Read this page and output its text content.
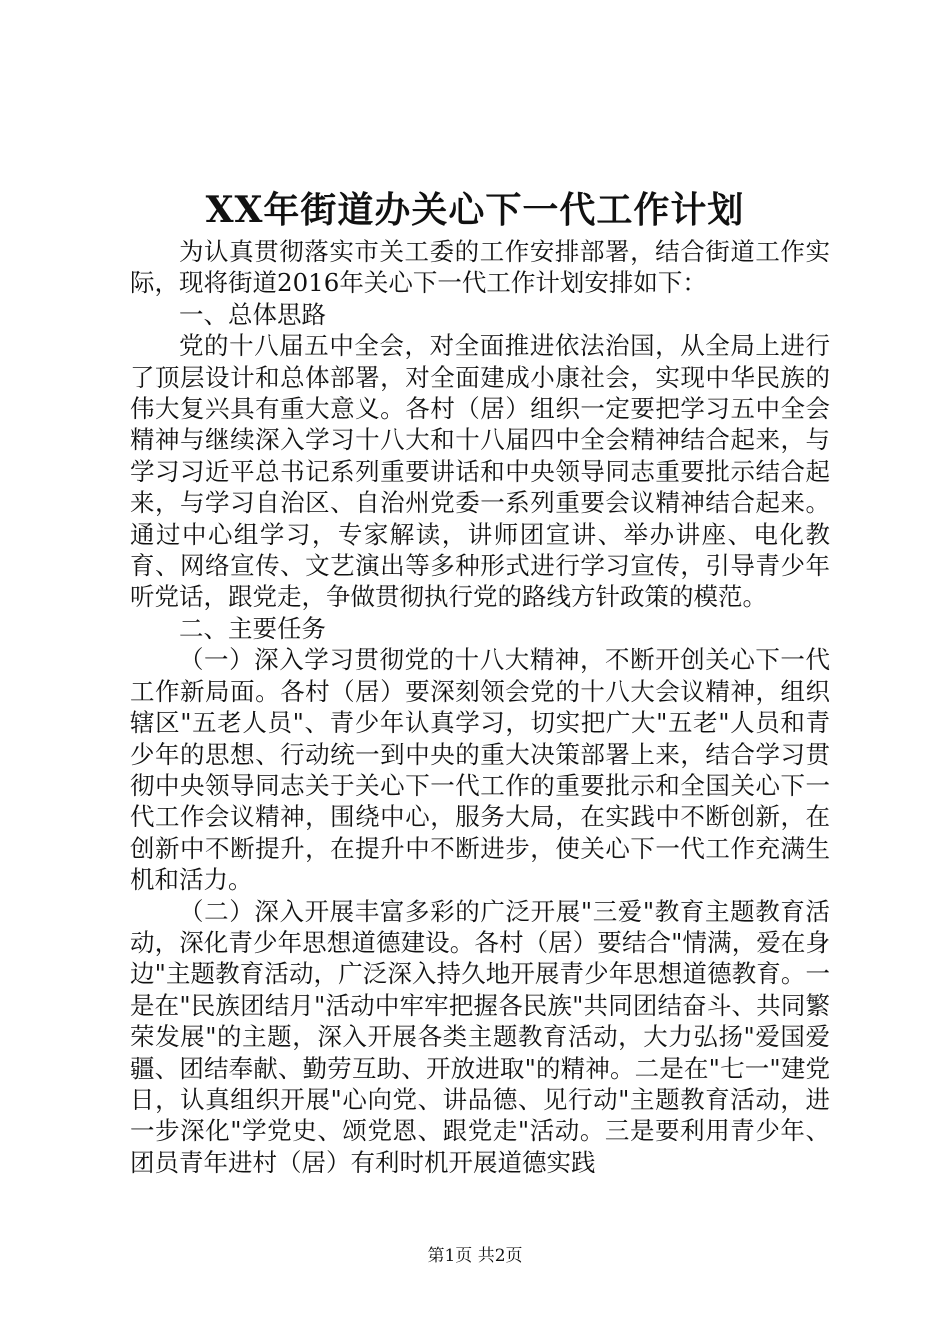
XX年街道办关心下一代工作计划

为认真贯彻落实市关工委的工作安排部署，结合街道工作实际，现将街道2016年关心下一代工作计划安排如下：

一、总体思路

党的十八届五中全会，对全面推进依法治国，从全局上进行了顶层设计和总体部署，对全面建成小康社会，实现中华民族的伟大复兴具有重大意义。各村（居）组织一定要把学习五中全会精神与继续深入学习十八大和十八届四中全会精神结合起来，与学习习近平总书记系列重要讲话和中央领导同志重要批示结合起来，与学习自治区、自治州党委一系列重要会议精神结合起来。通过中心组学习，专家解读，讲师团宣讲、举办讲座、电化教育、网络宣传、文艺演出等多种形式进行学习宣传，引导青少年听党话，跟党走，争做贯彻执行党的路线方针政策的模范。

二、主要任务

（一）深入学习贯彻党的十八大精神，不断开创关心下一代工作新局面。各村（居）要深刻领会党的十八大会议精神，组织辖区"五老人员"、青少年认真学习，切实把广大"五老"人员和青少年的思想、行动统一到中央的重大决策部署上来，结合学习贯彻中央领导同志关于关心下一代工作的重要批示和全国关心下一代工作会议精神，围绕中心，服务大局，在实践中不断创新，在创新中不断提升，在提升中不断进步，使关心下一代工作充满生机和活力。

（二）深入开展丰富多彩的广泛开展"三爱"教育主题教育活动，深化青少年思想道德建设。各村（居）要结合"情满，爱在身边"主题教育活动，广泛深入持久地开展青少年思想道德教育。一是在"民族团结月"活动中牢牢把握各民族"共同团结奋斗、共同繁荣发展"的主题，深入开展各类主题教育活动，大力弘扬"爱国爱疆、团结奉献、勤劳互助、开放进取"的精神。二是在"七一"建党日，认真组织开展"心向党、讲品德、见行动"主题教育活动，进一步深化"学党史、颂党恩、跟党走"活动。三是要利用青少年、团员青年进村（居）有利时机开展道德实践

第1页 共2页
